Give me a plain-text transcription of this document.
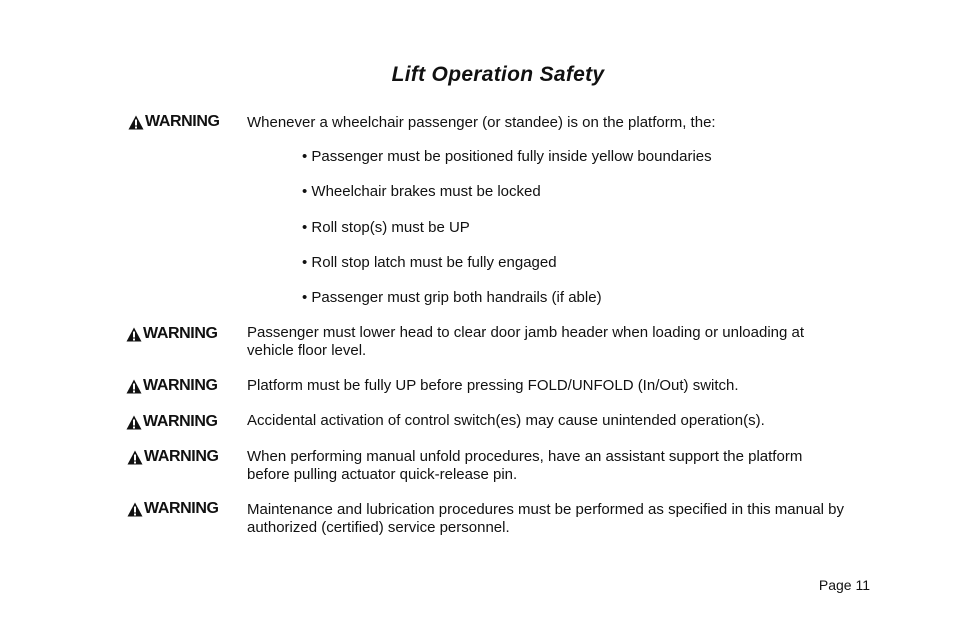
Lift Operation Safety
WARNING Whenever a wheelchair passenger (or standee) is on the platform, the:
• Passenger must be positioned fully inside yellow boundaries
• Wheelchair brakes must be locked
• Roll stop(s) must be UP
• Roll stop latch must be fully engaged
• Passenger must grip both handrails (if able)
WARNING Passenger must lower head to clear door jamb header when loading or unloading at
vehicle floor level.
WARNING Platform must be fully UP before pressing FOLD/UNFOLD (In/Out) switch.
WARNING Accidental activation of control switch(es) may cause unintended operation(s).
WARNING When performing manual unfold procedures, have an assistant support the platform
before pulling actuator quick-release pin.
WARNING Maintenance and lubrication procedures must be performed as specified in this manual by
authorized (certified) service personnel.
Page 11
